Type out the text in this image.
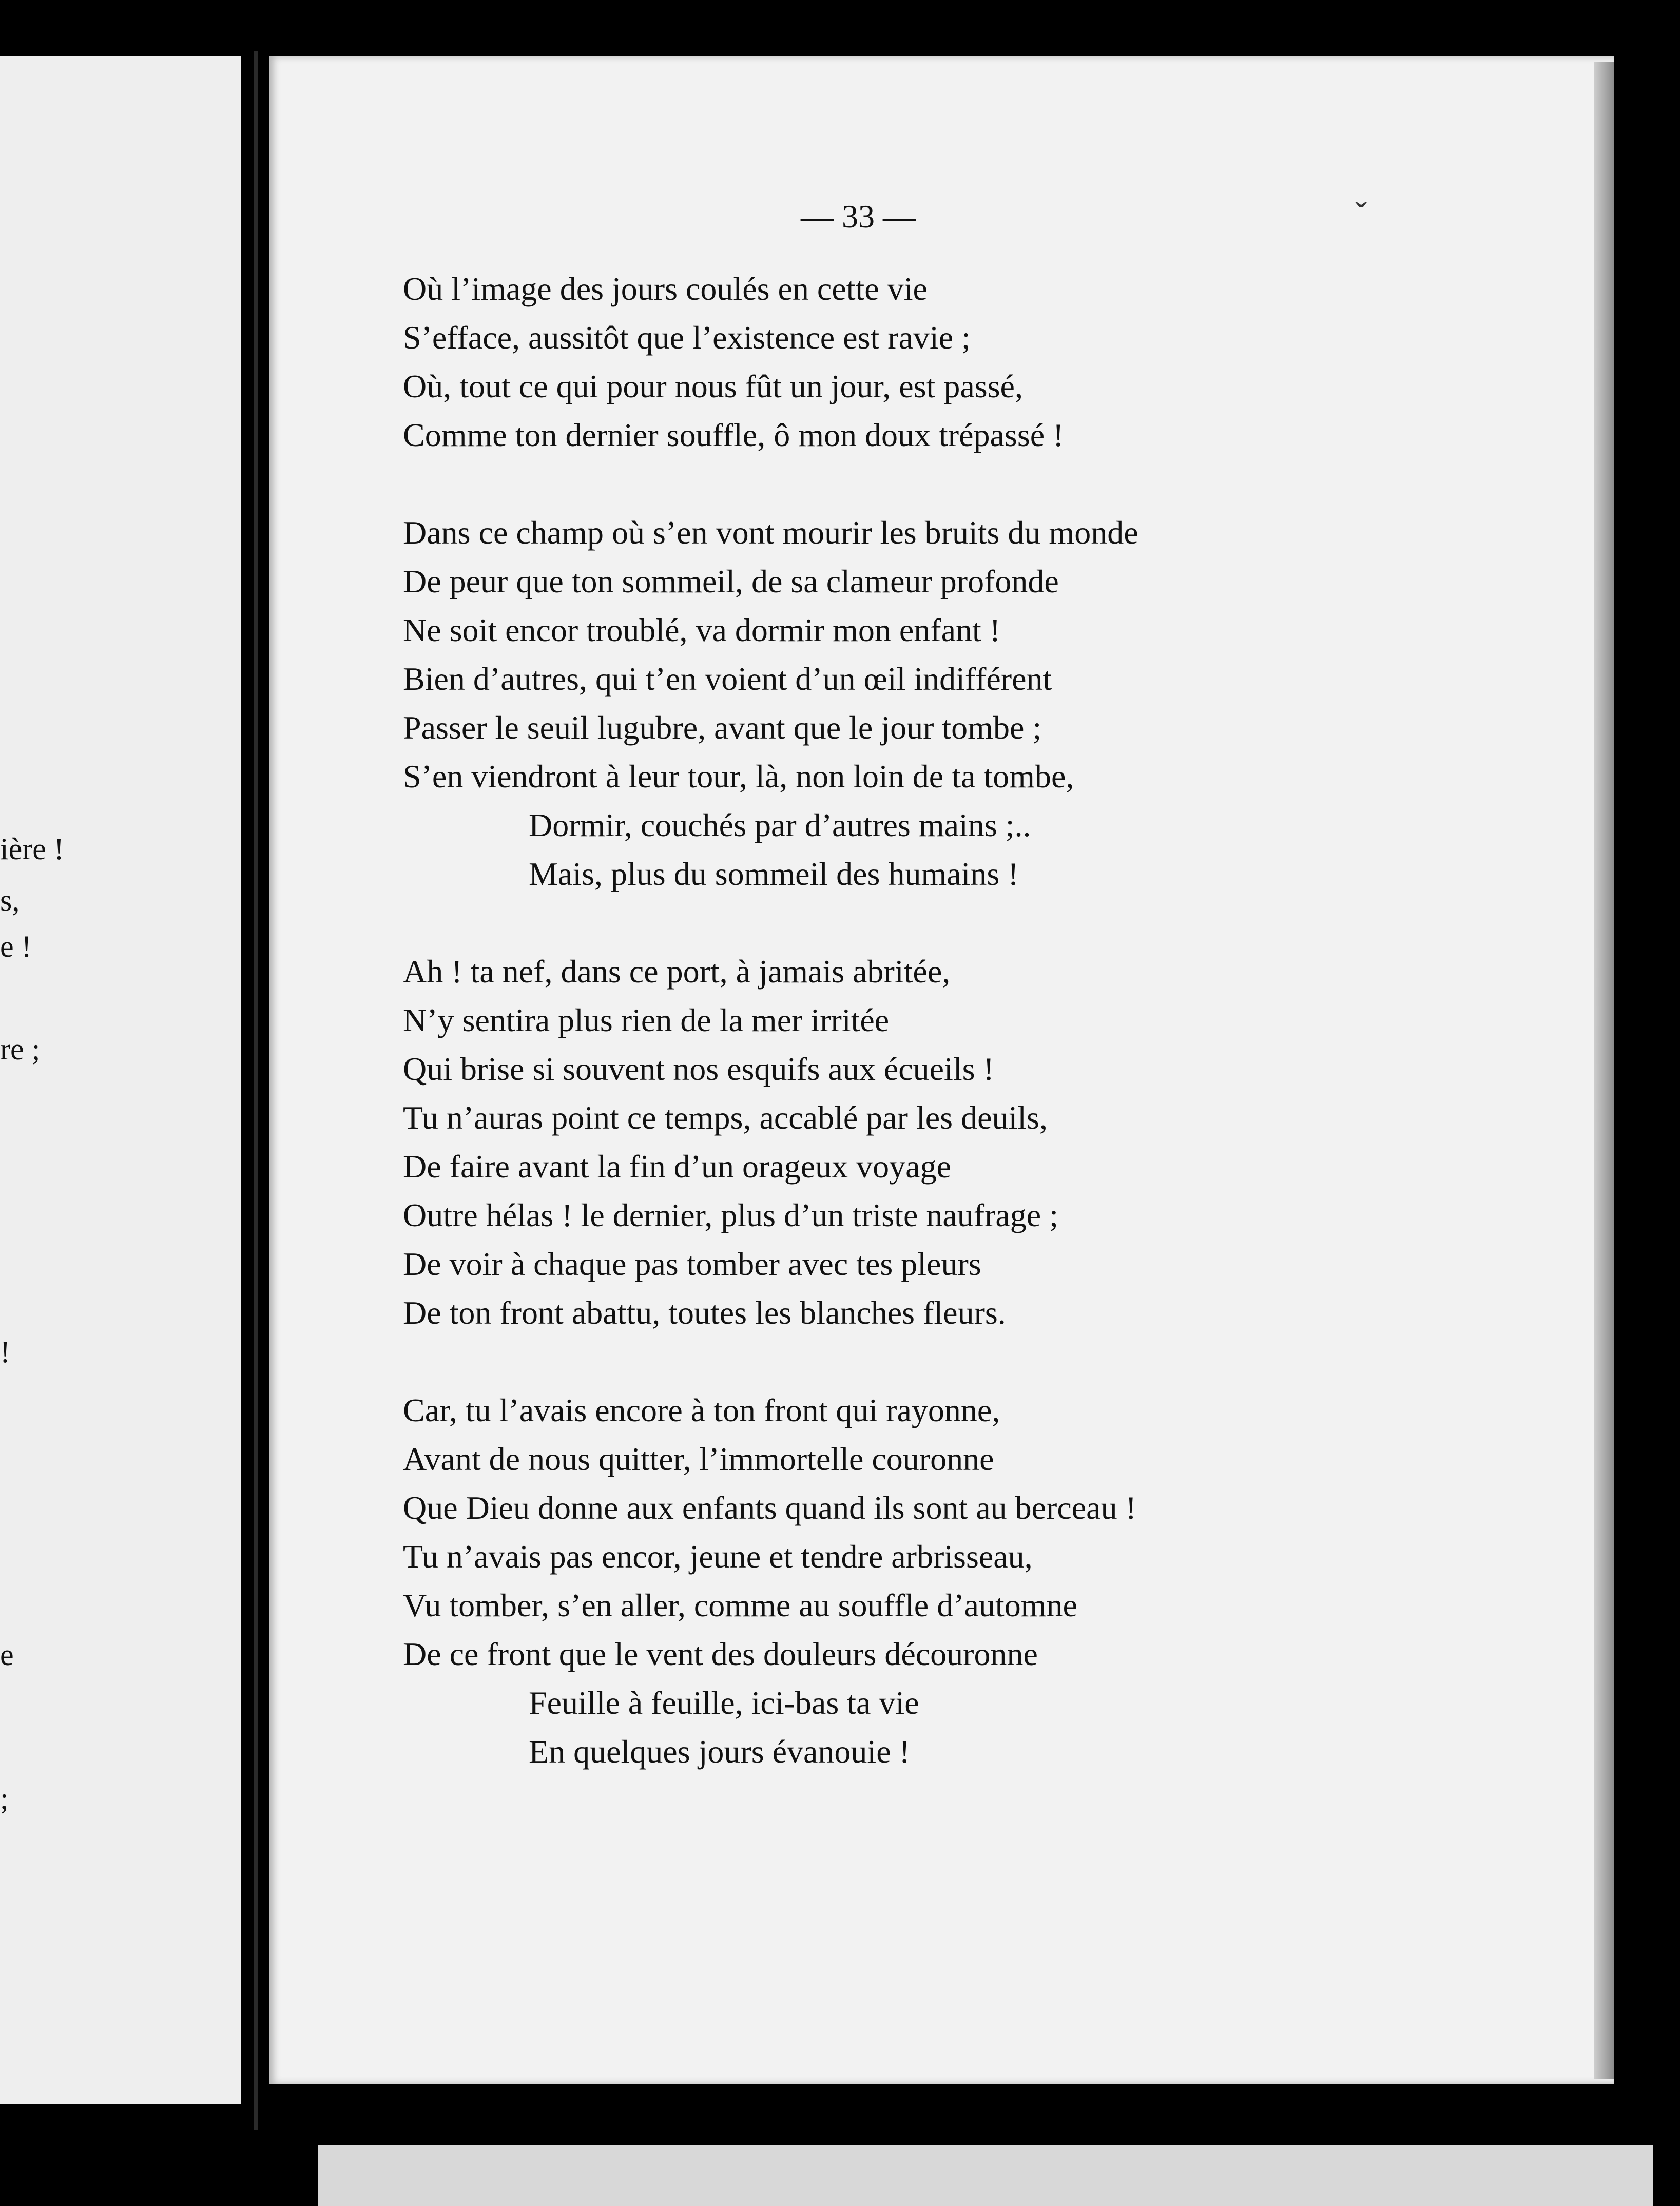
ière !
s,
e !
re ;
!
e
;
— 33 —
Où l’image des jours coulés en cette vie
S’efface, aussitôt que l’existence est ravie ;
Où, tout ce qui pour nous fût un jour, est passé,
Comme ton dernier souffle, ô mon doux trépassé !
Dans ce champ où s’en vont mourir les bruits du monde
De peur que ton sommeil, de sa clameur profonde
Ne soit encor troublé, va dormir mon enfant !
Bien d’autres, qui t’en voient d’un œil indifférent
Passer le seuil lugubre, avant que le jour tombe ;
S’en viendront à leur tour, là, non loin de ta tombe,
Dormir, couchés par d’autres mains ;..
Mais, plus du sommeil des humains !
Ah ! ta nef, dans ce port, à jamais abritée,
N’y sentira plus rien de la mer irritée
Qui brise si souvent nos esquifs aux écueils !
Tu n’auras point ce temps, accablé par les deuils,
De faire avant la fin d’un orageux voyage
Outre hélas ! le dernier, plus d’un triste naufrage ;
De voir à chaque pas tomber avec tes pleurs
De ton front abattu, toutes les blanches fleurs.
Car, tu l’avais encore à ton front qui rayonne,
Avant de nous quitter, l’immortelle couronne
Que Dieu donne aux enfants quand ils sont au berceau !
Tu n’avais pas encor, jeune et tendre arbrisseau,
Vu tomber, s’en aller, comme au souffle d’automne
De ce front que le vent des douleurs découronne
Feuille à feuille, ici-bas ta vie
En quelques jours évanouie !
ˇ
